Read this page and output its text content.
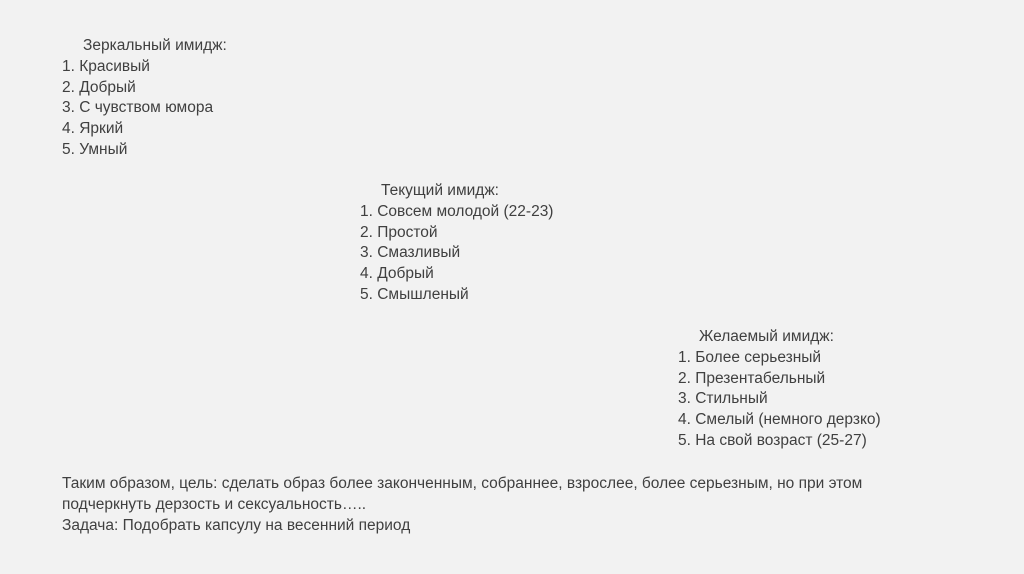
Зеркальный имидж:
1. Красивый
2. Добрый
3. С чувством юмора
4. Яркий
5. Умный
Текущий имидж:
1. Совсем молодой (22-23)
2. Простой
3. Смазливый
4. Добрый
5. Смышленый
Желаемый имидж:
1. Более серьезный
2. Презентабельный
3. Стильный
4. Смелый (немного дерзко)
5. На свой возраст (25-27)
Таким образом, цель: сделать образ более законченным, собраннее, взрослее, более серьезным, но при этом подчеркнуть дерзость и сексуальность…..
Задача: Подобрать капсулу на весенний период
